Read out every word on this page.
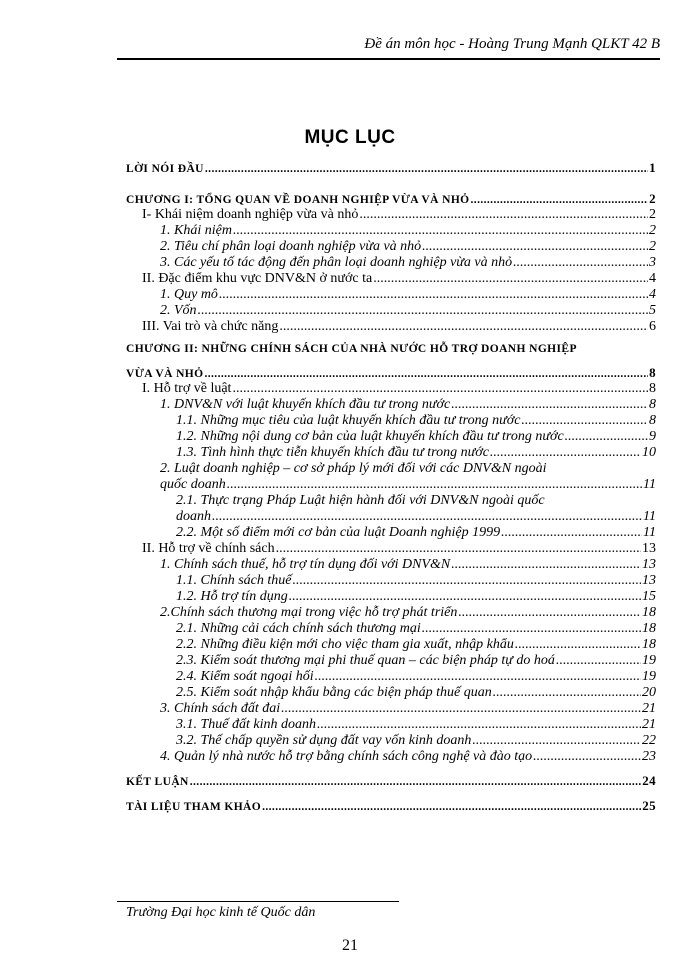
Đề án môn học - Hoàng Trung Mạnh QLKT 42 B
MỤC LỤC
LỜI NÓI ĐẦU .....	1
CHƯƠNG I: TỔNG QUAN VỀ DOANH NGHIỆP VỪA VÀ NHỎ .....	2
I- Khái niệm doanh nghiệp vừa và nhỏ .....	2
1. Khái niệm .....	2
2. Tiêu chí phân loại doanh nghiệp vừa và nhỏ .....	2
3. Các yếu tố tác động đến phân loại doanh nghiệp vừa và nhỏ .....	3
II. Đặc điểm khu vực DNV&N ở nước ta .....	4
1. Quy mô .....	4
2. Vốn .....	5
III. Vai trò và chức năng .....	6
CHƯƠNG II: NHỮNG CHÍNH SÁCH CỦA NHÀ NƯỚC HỖ TRỢ DOANH NGHIỆP
VỪA VÀ NHỎ .....	8
I. Hỗ trợ về luật .....	8
1. DNV&N với luật khuyến khích đầu tư trong nước .....	8
1.1. Những mục tiêu của luật khuyến khích đầu tư trong nước .....	8
1.2. Những nội dung cơ bản của luật khuyến khích đầu tư trong nước .....	9
1.3. Tình hình thực tiễn khuyến khích đầu tư trong nước .....	10
2. Luật doanh nghiệp – cơ sở pháp lý mới đối với các DNV&N ngoài
quốc doanh .....	11
2.1. Thực trạng Pháp Luật hiện hành đối với DNV&N ngoài quốc
doanh .....	11
2.2. Một số điểm mới cơ bản của luật Doanh nghiệp 1999 .....	11
II. Hỗ trợ về chính sách .....	13
1. Chính sách thuế, hỗ trợ tín dụng đối với DNV&N .....	13
1.1. Chính sách thuế .....	13
1.2. Hỗ trợ tín dụng .....	15
2.Chính sách thương mại trong việc hỗ trợ phát triển .....	18
2.1. Những cải cách chính sách thương mại .....	18
2.2. Những điều kiện mới cho việc tham gia xuất, nhập khẩu .....	18
2.3. Kiểm soát thương mại phi thuế quan – các biện pháp tự do hoá .....	19
2.4. Kiểm soát ngoại hối .....	19
2.5. Kiểm soát nhập khẩu bằng các biện pháp thuế quan .....	20
3. Chính sách đất đai .....	21
3.1. Thuế đất kinh doanh .....	21
3.2. Thế chấp quyền sử dụng đất vay vốn kinh doanh .....	22
4. Quản lý nhà nước hỗ trợ bằng chính sách công nghệ và đào tạo .....	23
KẾT LUẬN .....	24
TÀI LIỆU THAM KHẢO .....	25
Trường Đại học kinh tế Quốc dân
21
